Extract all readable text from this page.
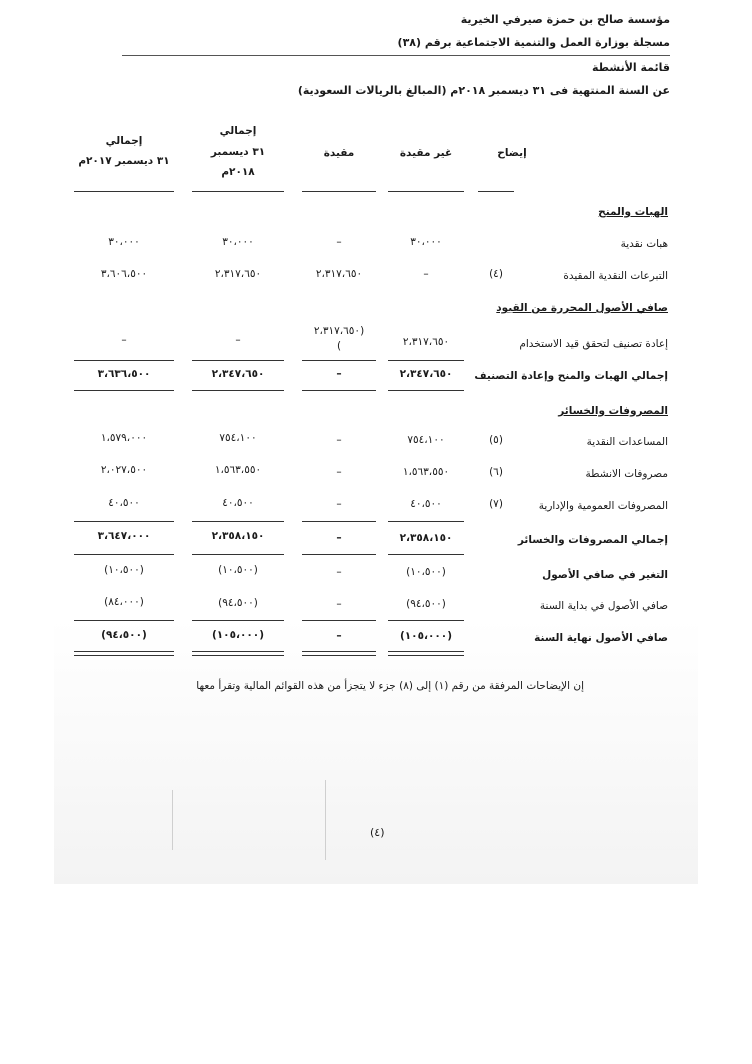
مؤسسة صالح بن حمزة صيرفي الخيرية
مسجلة بوزارة العمل والتنمية الاجتماعية برقم (٣٨)
قائمة الأنشطة
عن السنة المنتهية فى ٣١ ديسمبر ٢٠١٨م (المبالغ بالريالات السعودية)
إيضاح
غير مقيدة
مقيدة
إجمالي
٣١ ديسمبر
٢٠١٨م
إجمالي
٣١ ديسمبر ٢٠١٧م
الهبات والمنح
هبات نقدية
٣٠،٠٠٠
–
٣٠،٠٠٠
٣٠،٠٠٠
التبرعات النقدية المقيدة
(٤)
–
٢،٣١٧،٦٥٠
٢،٣١٧،٦٥٠
٣،٦٠٦،٥٠٠
صافي الأصول المحررة من القيود
إعادة تصنيف لتحقق قيد الاستخدام
٢،٣١٧،٦٥٠
(٢،٣١٧،٦٥٠
)
–
–
إجمالي الهبات والمنح وإعادة التصنيف
٢،٣٤٧،٦٥٠
–
٢،٣٤٧،٦٥٠
٣،٦٣٦،٥٠٠
المصروفات والخسائر
المساعدات النقدية
(٥)
٧٥٤،١٠٠
–
٧٥٤،١٠٠
١،٥٧٩،٠٠٠
مصروفات الانشطة
(٦)
١،٥٦٣،٥٥٠
–
١،٥٦٣،٥٥٠
٢،٠٢٧،٥٠٠
المصروفات العمومية والإدارية
(٧)
٤٠،٥٠٠
–
٤٠،٥٠٠
٤٠،٥٠٠
إجمالي المصروفات والخسائر
٢،٣٥٨،١٥٠
–
٢،٣٥٨،١٥٠
٣،٦٤٧،٠٠٠
التغير في صافي الأصول
(١٠،٥٠٠)
–
(١٠،٥٠٠)
(١٠،٥٠٠)
صافي الأصول في بداية السنة
(٩٤،٥٠٠)
–
(٩٤،٥٠٠)
(٨٤،٠٠٠)
صافي الأصول نهاية السنة
(١٠٥،٠٠٠)
–
(١٠٥،٠٠٠)
(٩٤،٥٠٠)
إن الإيضاحات المرفقة من رقم (١) إلى (٨) جزء لا يتجزأ من هذه القوائم المالية وتقرأ معها
(٤)
